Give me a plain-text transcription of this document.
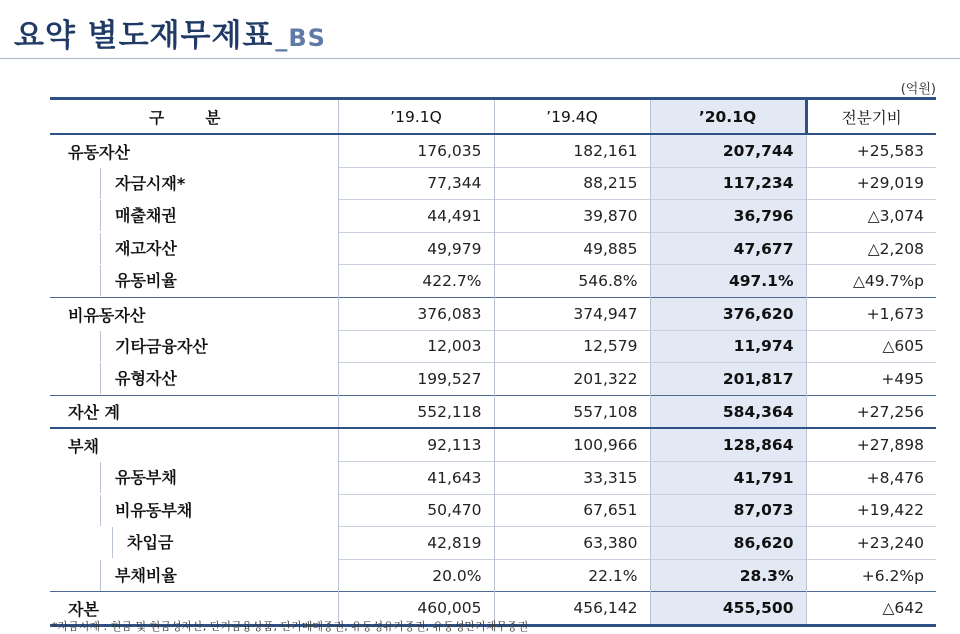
요약 별도재무제표_BS
(억원)
구 분	’19.1Q	’19.4Q	’20.1Q	전분기비
유동자산	176,035	182,161	207,744	+25,583

자금시재*	77,344	88,215	117,234	+29,019

매출채권	44,491	39,870	36,796	△3,074

재고자산	49,979	49,885	47,677	△2,208

유동비율	422.7%	546.8%	497.1%	△49.7%p
비유동자산	376,083	374,947	376,620	+1,673

기타금융자산	12,003	12,579	11,974	△605

유형자산	199,527	201,322	201,817	+495
자산 계	552,118	557,108	584,364	+27,256
부채	92,113	100,966	128,864	+27,898

유동부채	41,643	33,315	41,791	+8,476

비유동부채	50,470	67,651	87,073	+19,422

차입금	42,819	63,380	86,620	+23,240

부채비율	20.0%	22.1%	28.3%	+6.2%p
자본	460,005	456,142	455,500	△642
*자금시재 : 현금 및 현금성자산, 단기금융상품, 단기매매증권, 유동성유가증권, 유동성만기채무증권
